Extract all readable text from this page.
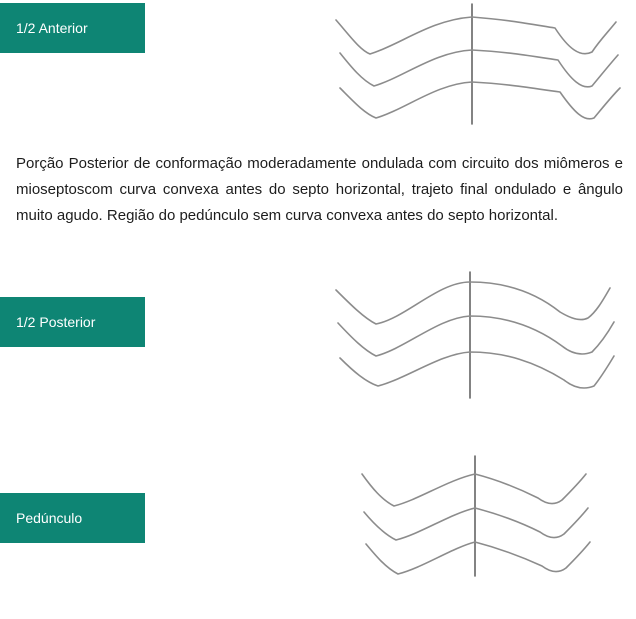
1/2 Anterior

Porção Posterior de conformação moderadamente ondulada com circuito dos miômeros e mioseptoscom curva convexa antes do septo horizontal, trajeto final ondulado e ângulo muito agudo. Região do pedúnculo sem curva convexa antes do septo horizontal.

1/2 Posterior
Pedúnculo
